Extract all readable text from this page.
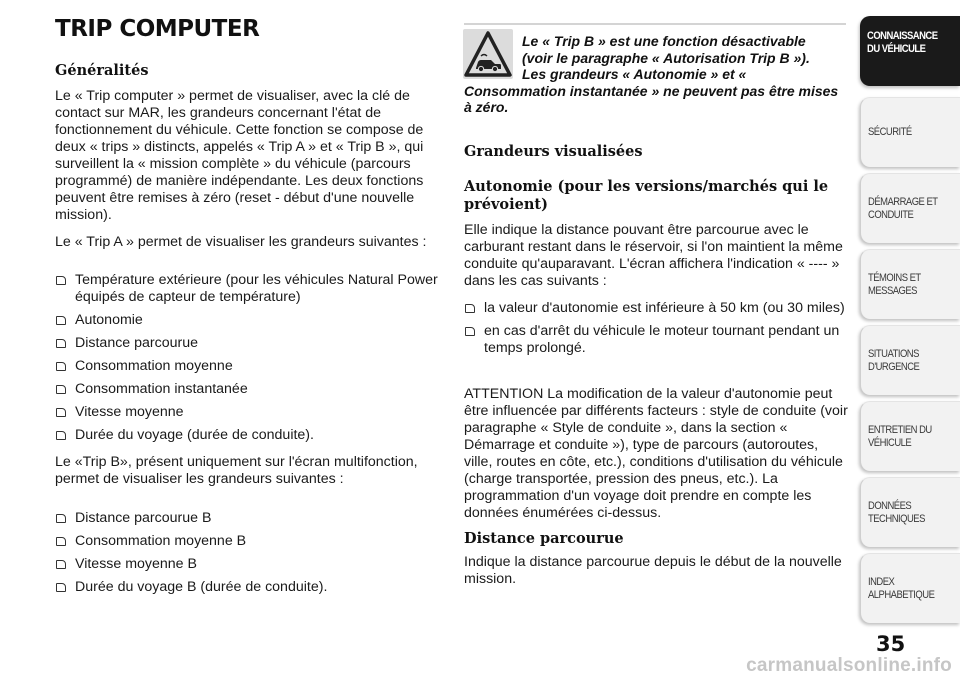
TRIP COMPUTER
Généralités

Le « Trip computer » permet de visualiser, avec la clé de contact sur MAR, les grandeurs concernant l'état de fonctionnement du véhicule. Cette fonction se compose de deux « trips » distincts, appelés « Trip A » et « Trip B », qui surveillent la « mission complète » du véhicule (parcours programmé) de manière indépendante. Les deux fonctions peuvent être remises à zéro (reset - début d'une nouvelle mission).

Le « Trip A » permet de visualiser les grandeurs suivantes :

Température extérieure (pour les véhicules Natural Power équipés de capteur de température)
Autonomie
Distance parcourue
Consommation moyenne
Consommation instantanée
Vitesse moyenne
Durée du voyage (durée de conduite).

Le «Trip B», présent uniquement sur l'écran multifonction, permet de visualiser les grandeurs suivantes :

Distance parcourue B
Consommation moyenne B
Vitesse moyenne B
Durée du voyage B (durée de conduite).
Le « Trip B » est une fonction désactivable
(voir le paragraphe « Autorisation Trip B »).
Les grandeurs « Autonomie » et «
Consommation instantanée » ne peuvent pas être mises à zéro.
Grandeurs visualisées
Autonomie (pour les versions/marchés qui le prévoient)

Elle indique la distance pouvant être parcourue avec le carburant restant dans le réservoir, si l'on maintient la même conduite qu'auparavant. L'écran affichera l'indication « ---- » dans les cas suivants :

la valeur d'autonomie est inférieure à 50 km (ou 30 miles)
en cas d'arrêt du véhicule le moteur tournant pendant un temps prolongé.

ATTENTION La modification de la valeur d'autonomie peut être influencée par différents facteurs : style de conduite (voir paragraphe « Style de conduite », dans la section « Démarrage et conduite »), type de parcours (autoroutes, ville, routes en côte, etc.), conditions d'utilisation du véhicule (charge transportée, pression des pneus, etc.). La programmation d'un voyage doit prendre en compte les données énumérées ci-dessus.

Distance parcourue

Indique la distance parcourue depuis le début de la nouvelle mission.

CONNAISSANCE
DU VÉHICULE
SÉCURITÉ
DÉMARRAGE ET
CONDUITE
TÉMOINS ET
MESSAGES
SITUATIONS
D'URGENCE
ENTRETIEN DU
VÉHICULE
DONNÉES
TECHNIQUES
INDEX
ALPHABETIQUE
35
carmanualsonline.info
